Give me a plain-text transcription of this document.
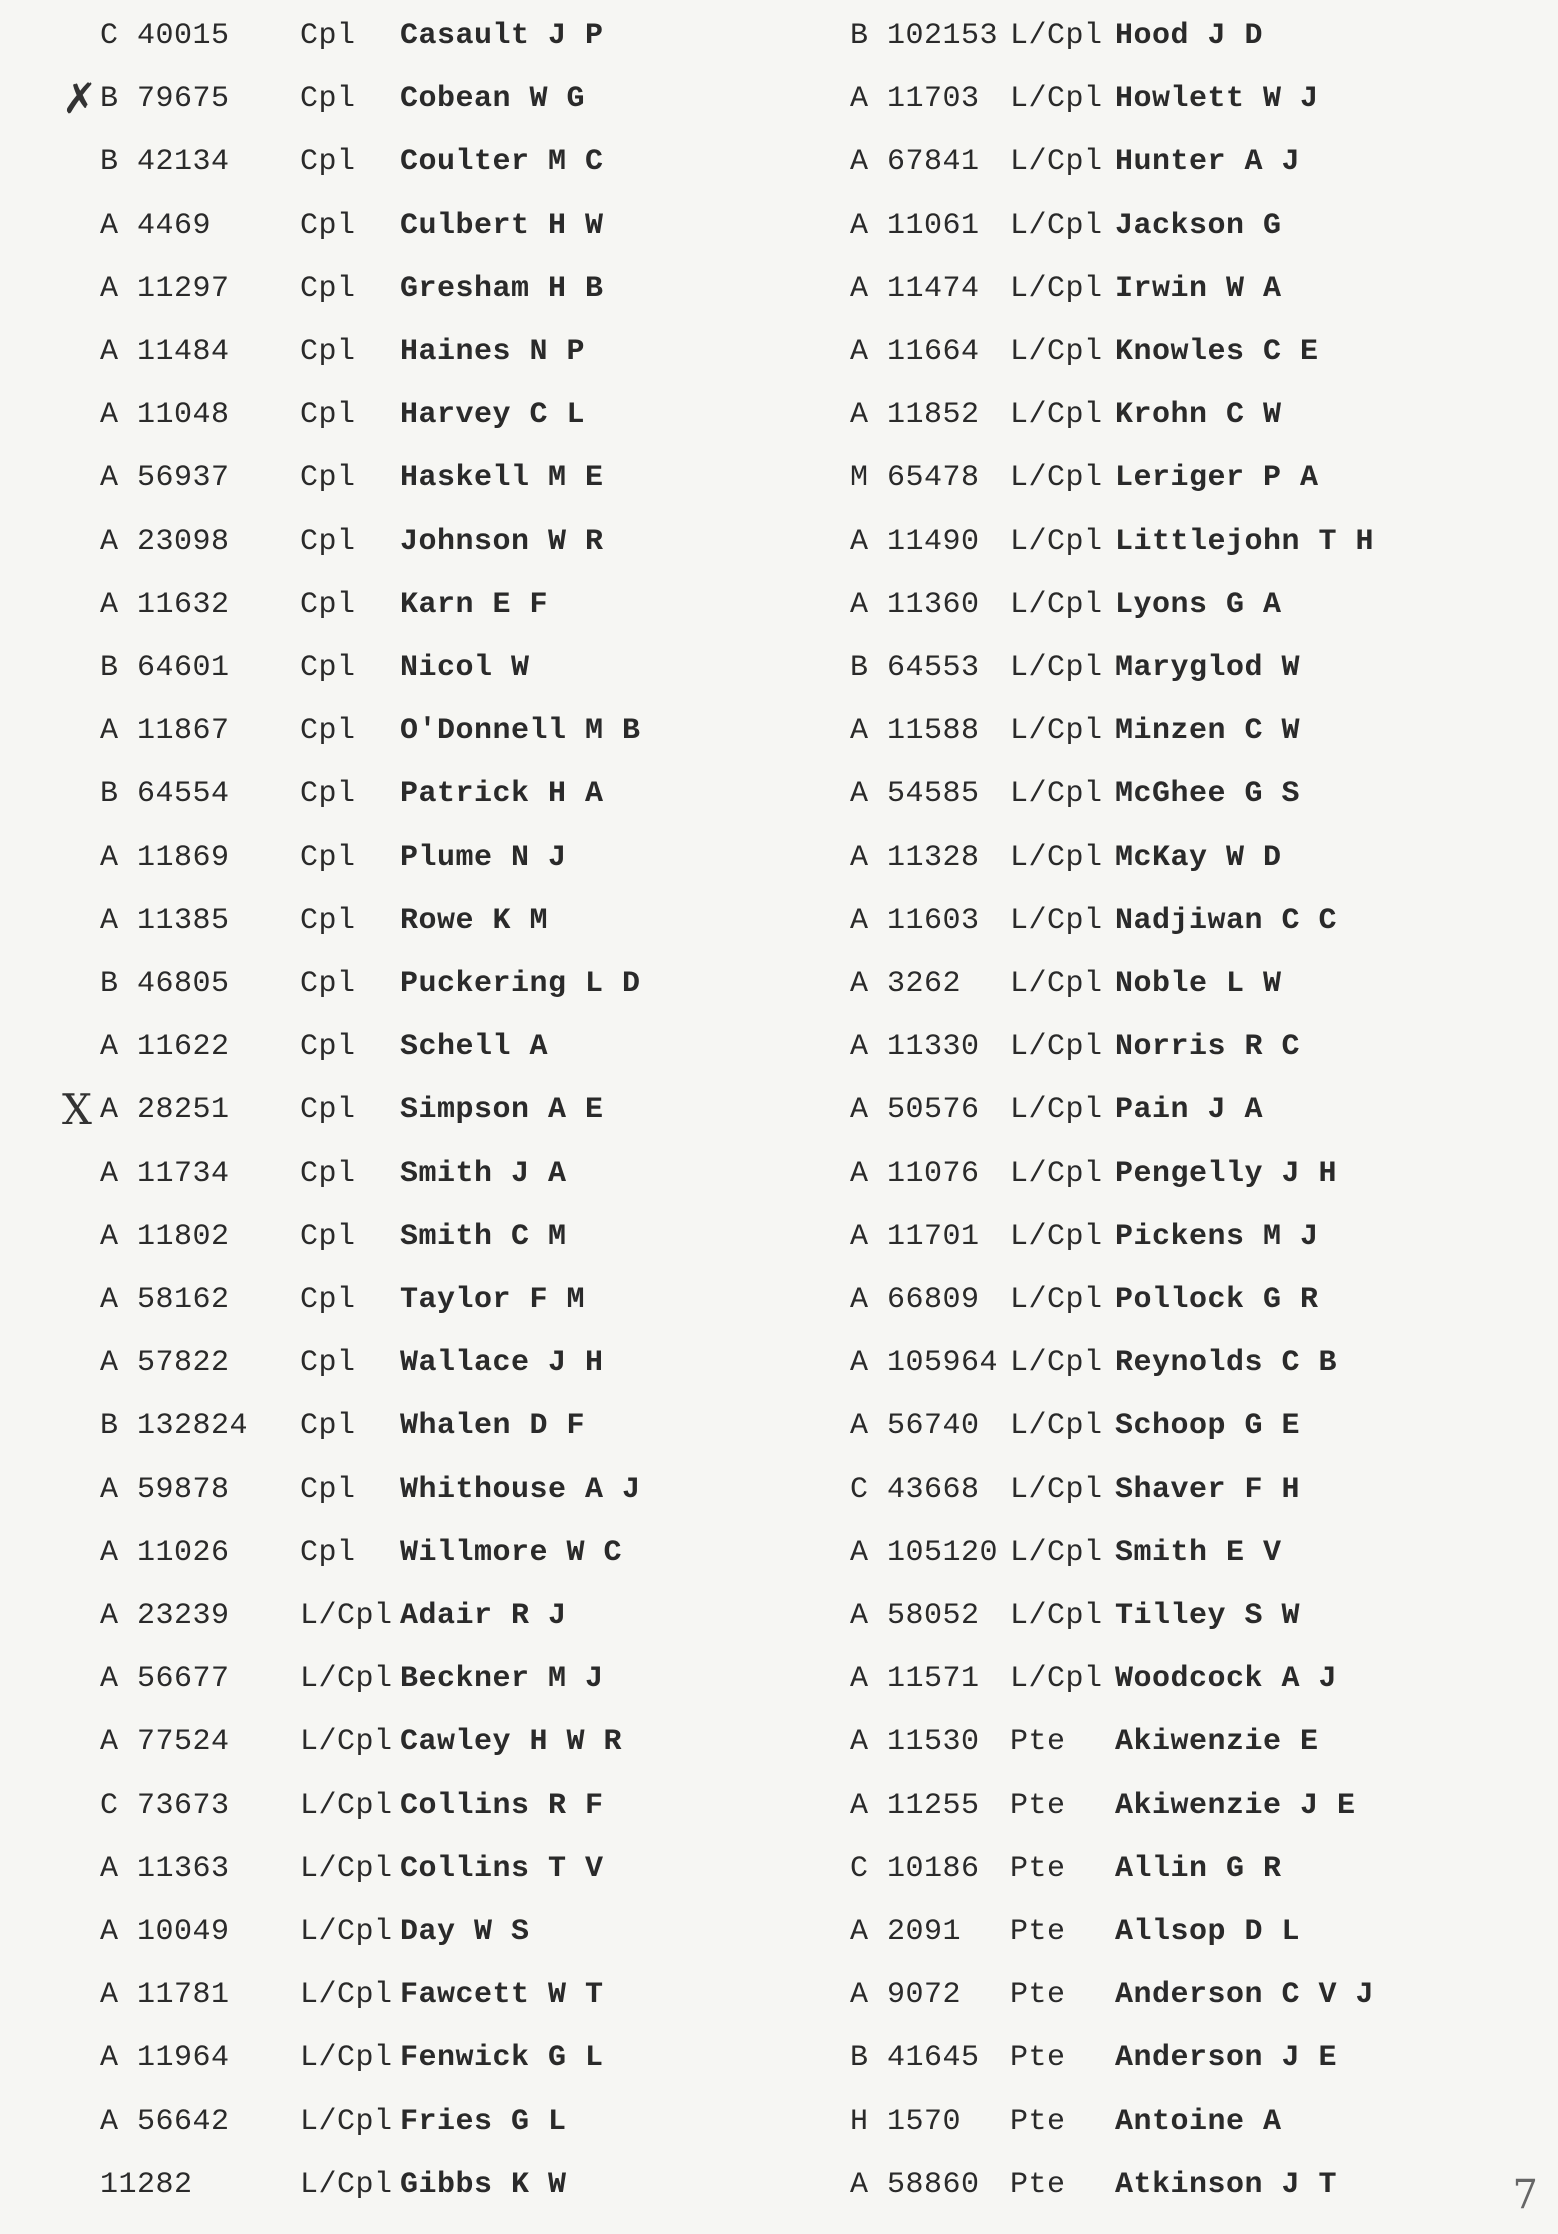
C 40015 Cpl Casault J P
✗ B 79675 Cpl Cobean W G
B 42134 Cpl Coulter M C
A 4469	Cpl Culbert H W
A 11297 Cpl Gresham H B
A 11484 Cpl Haines N P
A 11048 Cpl Harvey C L
A 56937 Cpl Haskell M E
A 23098 Cpl Johnson W R
A 11632 Cpl Karn E F
B 64601 Cpl Nicol W
A 11867 Cpl O'Donnell M B
B 64554 Cpl Patrick H A
A 11869 Cpl Plume N J
A 11385 Cpl Rowe K M
B 46805 Cpl Puckering L D
A 11622 Cpl Schell A
X A 28251 Cpl Simpson A E
A 11734 Cpl Smith J A
A 11802 Cpl Smith C M
A 58162 Cpl Taylor F M
A 57822 Cpl Wallace J H
B 132824 Cpl Whalen D F
A 59878 Cpl Whithouse A J
A 11026 Cpl Willmore W C
A 23239 L/Cpl Adair R J
A 56677 L/Cpl Beckner M J
A 77524 L/Cpl Cawley H W R
C 73673 L/Cpl Collins R F
A 11363 L/Cpl Collins T V
A 10049 L/Cpl Day W S
A 11781 L/Cpl Fawcett W T
A 11964 L/Cpl Fenwick G L
A 56642 L/Cpl Fries G L
11282	L/Cpl Gibbs K W
B 102153 L/Cpl Hood J D
A 11703 L/Cpl Howlett W J
A 67841 L/Cpl Hunter A J
A 11061 L/Cpl Jackson G
A 11474 L/Cpl Irwin W A
A 11664 L/Cpl Knowles C E
A 11852 L/Cpl Krohn C W
M 65478 L/Cpl Leriger P A
A 11490 L/Cpl Littlejohn T H
A 11360 L/Cpl Lyons G A
B 64553 L/Cpl Maryglod W
A 11588 L/Cpl Minzen C W
A 54585 L/Cpl McGhee G S
A 11328 L/Cpl McKay W D
A 11603 L/Cpl Nadjiwan C C
A 3262 L/Cpl Noble L W
A 11330 L/Cpl Norris R C
A 50576 L/Cpl Pain J A
A 11076 L/Cpl Pengelly J H
A 11701 L/Cpl Pickens M J
A 66809 L/Cpl Pollock G R
A 105964 L/Cpl Reynolds C B
A 56740 L/Cpl Schoop G E
C 43668 L/Cpl Shaver F H
A 105120 L/Cpl Smith E V
A 58052 L/Cpl Tilley S W
A 11571 L/Cpl Woodcock A J
A 11530 Pte Akiwenzie E
A 11255 Pte Akiwenzie J E
C 10186 Pte Allin G R
A 2091 Pte Allsop D L
A 9072 Pte Anderson C V J
B 41645 Pte Anderson J E
H 1570 Pte Antoine A
A 58860 Pte Atkinson J T	7
